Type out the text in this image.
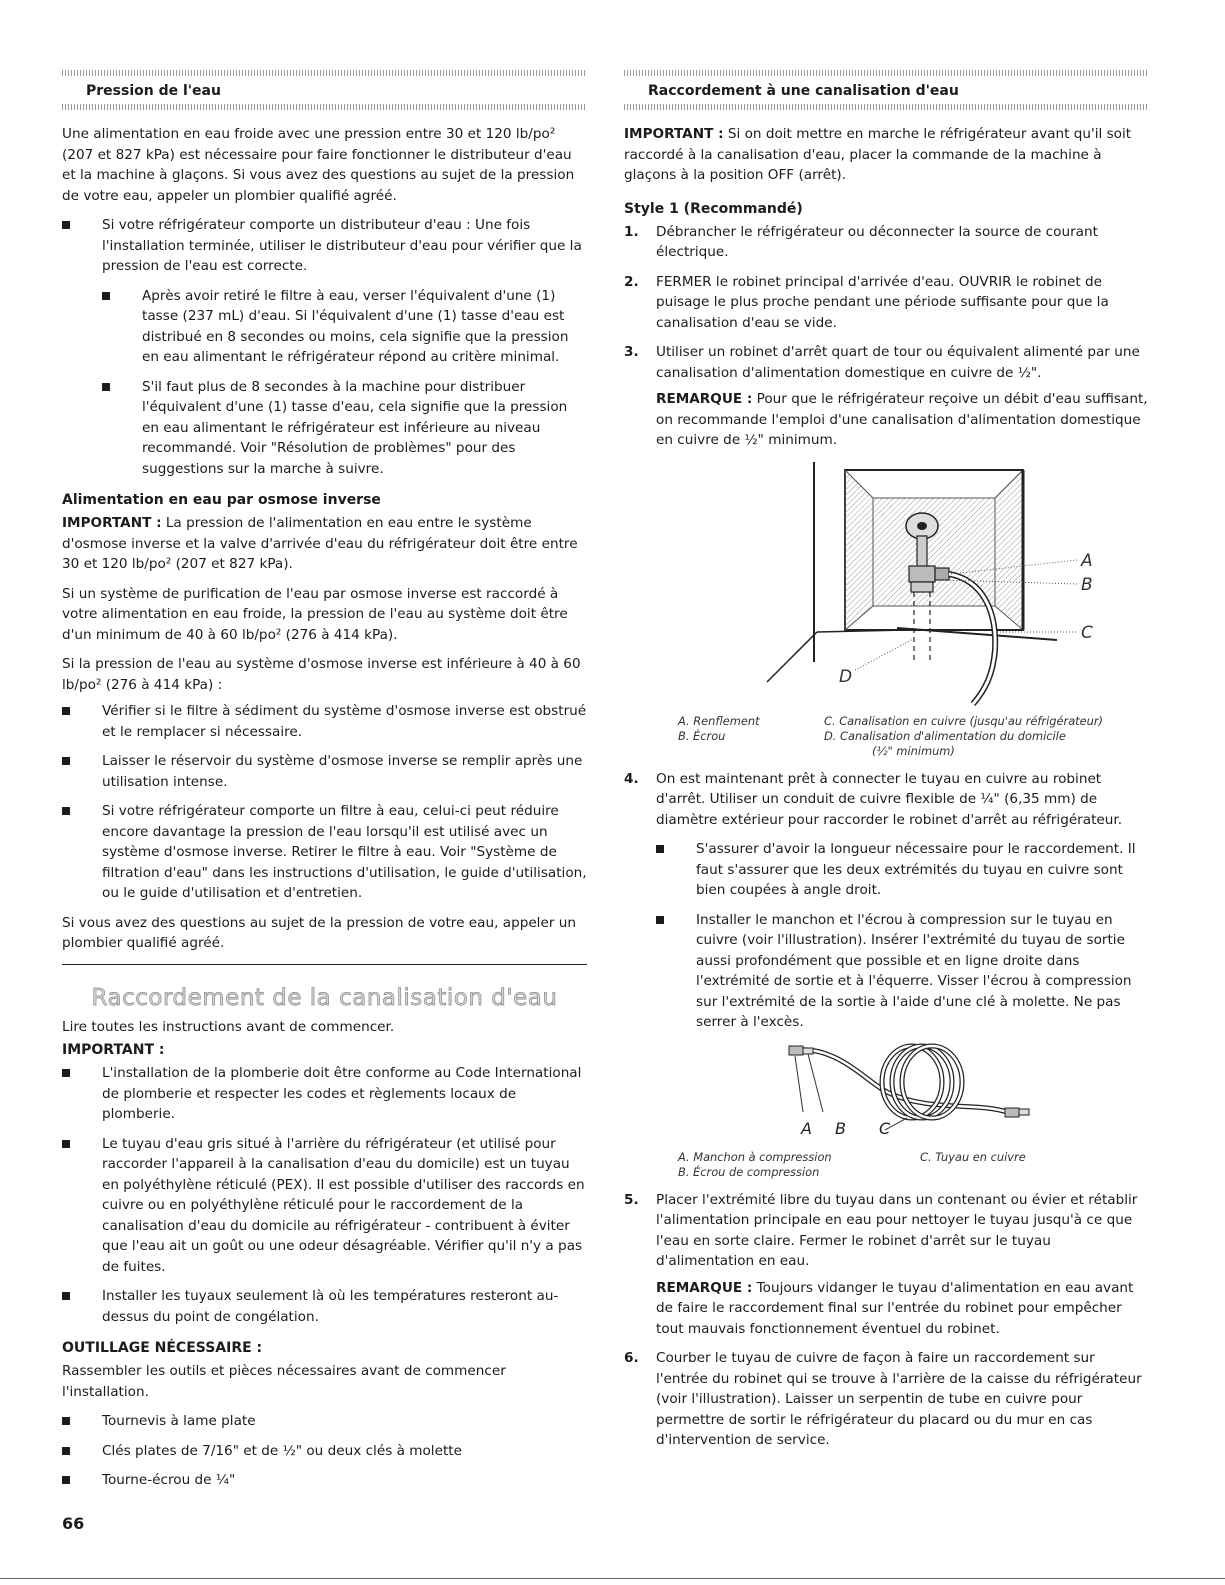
Pression de l'eau

Une alimentation en eau froide avec une pression entre 30 et 120 lb/po² (207 et 827 kPa) est nécessaire pour faire fonctionner le distributeur d'eau et la machine à glaçons. Si vous avez des questions au sujet de la pression de votre eau, appeler un plombier qualifié agréé.

Si votre réfrigérateur comporte un distributeur d'eau : Une fois l'installation terminée, utiliser le distributeur d'eau pour vérifier que la pression de l'eau est correcte.
Après avoir retiré le filtre à eau, verser l'équivalent d'une (1) tasse (237 mL) d'eau. Si l'équivalent d'une (1) tasse d'eau est distribué en 8 secondes ou moins, cela signifie que la pression en eau alimentant le réfrigérateur répond au critère minimal.
S'il faut plus de 8 secondes à la machine pour distribuer l'équivalent d'une (1) tasse d'eau, cela signifie que la pression en eau alimentant le réfrigérateur est inférieure au niveau recommandé. Voir "Résolution de problèmes" pour des suggestions sur la marche à suivre.
Alimentation en eau par osmose inverse

IMPORTANT : La pression de l'alimentation en eau entre le système d'osmose inverse et la valve d'arrivée d'eau du réfrigérateur doit être entre 30 et 120 lb/po² (207 et 827 kPa).

Si un système de purification de l'eau par osmose inverse est raccordé à votre alimentation en eau froide, la pression de l'eau au système doit être d'un minimum de 40 à 60 lb/po² (276 à 414 kPa).

Si la pression de l'eau au système d'osmose inverse est inférieure à 40 à 60 lb/po² (276 à 414 kPa) :

Vérifier si le filtre à sédiment du système d'osmose inverse est obstrué et le remplacer si nécessaire.
Laisser le réservoir du système d'osmose inverse se remplir après une utilisation intense.
Si votre réfrigérateur comporte un filtre à eau, celui-ci peut réduire encore davantage la pression de l'eau lorsqu'il est utilisé avec un système d'osmose inverse. Retirer le filtre à eau. Voir "Système de filtration d'eau" dans les instructions d'utilisation, le guide d'utilisation, ou le guide d'utilisation et d'entretien.

Si vous avez des questions au sujet de la pression de votre eau, appeler un plombier qualifié agréé.

Raccordement de la canalisation d'eau

Lire toutes les instructions avant de commencer.

IMPORTANT :
L'installation de la plomberie doit être conforme au Code International de plomberie et respecter les codes et règlements locaux de plomberie.
Le tuyau d'eau gris situé à l'arrière du réfrigérateur (et utilisé pour raccorder l'appareil à la canalisation d'eau du domicile) est un tuyau en polyéthylène réticulé (PEX). Il est possible d'utiliser des raccords en cuivre ou en polyéthylène réticulé pour le raccordement de la canalisation d'eau du domicile au réfrigérateur - contribuent à éviter que l'eau ait un goût ou une odeur désagréable. Vérifier qu'il n'y a pas de fuites.
Installer les tuyaux seulement là où les températures resteront au-dessus du point de congélation.
OUTILLAGE NÉCESSAIRE :

Rassembler les outils et pièces nécessaires avant de commencer l'installation.

Tournevis à lame plate
Clés plates de 7/16" et de ½" ou deux clés à molette
Tourne-écrou de ¼"
Raccordement à une canalisation d'eau

IMPORTANT : Si on doit mettre en marche le réfrigérateur avant qu'il soit raccordé à la canalisation d'eau, placer la commande de la machine à glaçons à la position OFF (arrêt).

Style 1 (Recommandé)
1. Débrancher le réfrigérateur ou déconnecter la source de courant électrique.
2. FERMER le robinet principal d'arrivée d'eau. OUVRIR le robinet de puisage le plus proche pendant une période suffisante pour que la canalisation d'eau se vide.
3. Utiliser un robinet d'arrêt quart de tour ou équivalent alimenté par une canalisation d'alimentation domestique en cuivre de ½".

REMARQUE : Pour que le réfrigérateur reçoive un débit d'eau suffisant, on recommande l'emploi d'une canalisation d'alimentation domestique en cuivre de ½" minimum.

A
B
C
D
A. Renflement	C. Canalisation en cuivre (jusqu'au réfrigérateur)
B. Écrou	D. Canalisation d'alimentation du domicile
(½" minimum)
4. On est maintenant prêt à connecter le tuyau en cuivre au robinet d'arrêt. Utiliser un conduit de cuivre flexible de ¼" (6,35 mm) de diamètre extérieur pour raccorder le robinet d'arrêt au réfrigérateur.
S'assurer d'avoir la longueur nécessaire pour le raccordement. Il faut s'assurer que les deux extrémités du tuyau en cuivre sont bien coupées à angle droit.
Installer le manchon et l'écrou à compression sur le tuyau en cuivre (voir l'illustration). Insérer l'extrémité du tuyau de sortie aussi profondément que possible et en ligne droite dans l'extrémité de sortie et à l'équerre. Visser l'écrou à compression sur l'extrémité de la sortie à l'aide d'une clé à molette. Ne pas serrer à l'excès.
A B C
A. Manchon à compression	C. Tuyau en cuivre
B. Écrou de compression
5. Placer l'extrémité libre du tuyau dans un contenant ou évier et rétablir l'alimentation principale en eau pour nettoyer le tuyau jusqu'à ce que l'eau en sorte claire. Fermer le robinet d'arrêt sur le tuyau d'alimentation en eau.

REMARQUE : Toujours vidanger le tuyau d'alimentation en eau avant de faire le raccordement final sur l'entrée du robinet pour empêcher tout mauvais fonctionnement éventuel du robinet.

6. Courber le tuyau de cuivre de façon à faire un raccordement sur l'entrée du robinet qui se trouve à l'arrière de la caisse du réfrigérateur (voir l'illustration). Laisser un serpentin de tube en cuivre pour permettre de sortir le réfrigérateur du placard ou du mur en cas d'intervention de service.
66
